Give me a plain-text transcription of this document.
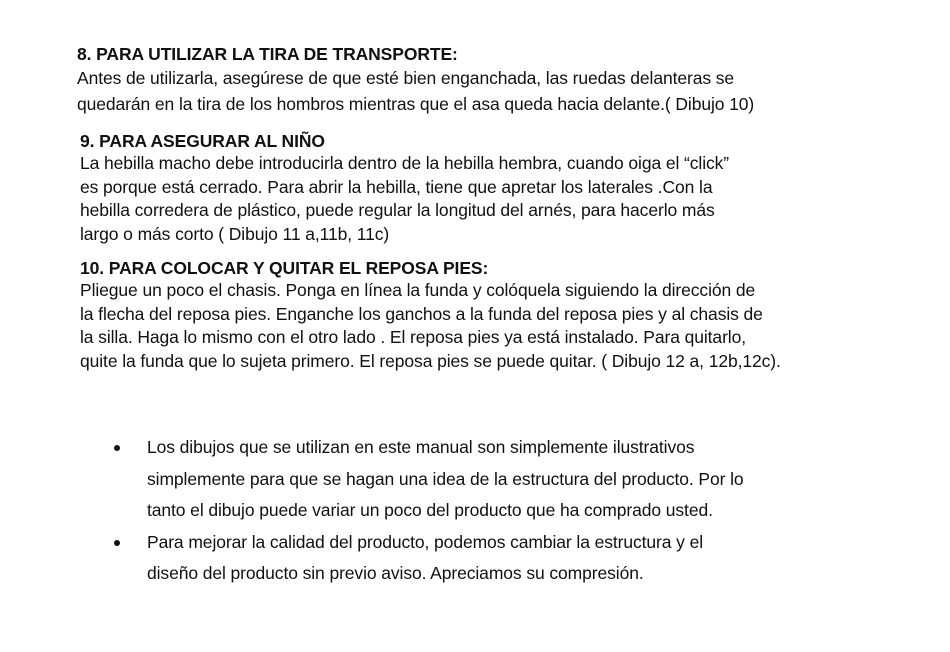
8. PARA UTILIZAR LA TIRA DE TRANSPORTE:

Antes de utilizarla, asegúrese de que esté bien enganchada, las ruedas delanteras se

quedarán en la tira de los hombros mientras que el asa queda hacia delante.( Dibujo 10)

9. PARA ASEGURAR AL NIÑO

La hebilla macho debe introducirla dentro de la hebilla hembra, cuando oiga el “click”

es porque está cerrado. Para abrir la hebilla, tiene que apretar los laterales .Con la

hebilla corredera de plástico, puede regular la longitud del arnés, para hacerlo más

largo o más corto ( Dibujo 11 a,11b, 11c)

10. PARA COLOCAR Y QUITAR EL REPOSA PIES:

Pliegue un poco el chasis. Ponga en línea la funda y colóquela siguiendo la dirección de

la flecha del reposa pies. Enganche los ganchos a la funda del reposa pies y al chasis de

la silla. Haga lo mismo con el otro lado . El reposa pies ya está instalado. Para quitarlo,

quite la funda que lo sujeta primero. El reposa pies se puede quitar. ( Dibujo 12 a, 12b,12c).

Los dibujos que se utilizan en este manual son simplemente ilustrativos
simplemente para que se hagan una idea de la estructura del producto. Por lo
tanto el dibujo puede variar un poco del producto que ha comprado usted.
Para mejorar la calidad del producto, podemos cambiar la estructura y el
diseño del producto sin previo aviso. Apreciamos su compresión.
